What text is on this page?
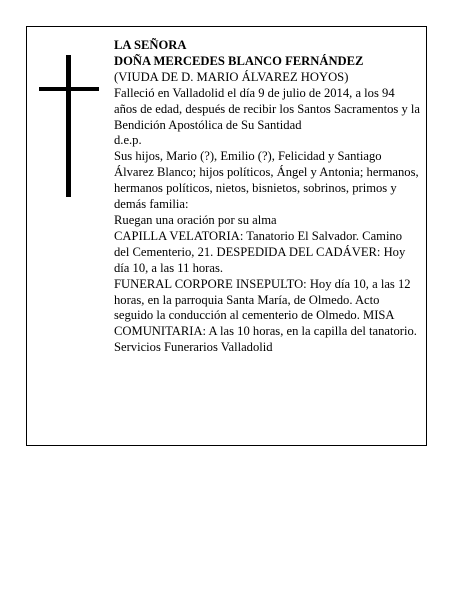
LA SEÑORA

DOÑA MERCEDES BLANCO FERNÁNDEZ

(VIUDA DE D. MARIO ÁLVAREZ HOYOS)

Falleció en Valladolid el día 9 de julio de 2014, a los 94 años de edad, después de recibir los Santos Sacramentos y la Bendición Apostólica de Su Santidad

d.e.p.

Sus hijos, Mario (?), Emilio (?), Felicidad y Santiago Álvarez Blanco; hijos políticos, Ángel y Antonia; hermanos, hermanos políticos, nietos, bisnietos, sobrinos, primos y demás familia:

Ruegan una oración por su alma

CAPILLA VELATORIA: Tanatorio El Salvador. Camino del Cementerio, 21. DESPEDIDA DEL CADÁVER: Hoy día 10, a las 11 horas.

FUNERAL CORPORE INSEPULTO: Hoy día 10, a las 12 horas, en la parroquia Santa María, de Olmedo. Acto seguido la conducción al cementerio de Olmedo. MISA COMUNITARIA: A las 10 horas, en la capilla del tanatorio.

Servicios Funerarios Valladolid
